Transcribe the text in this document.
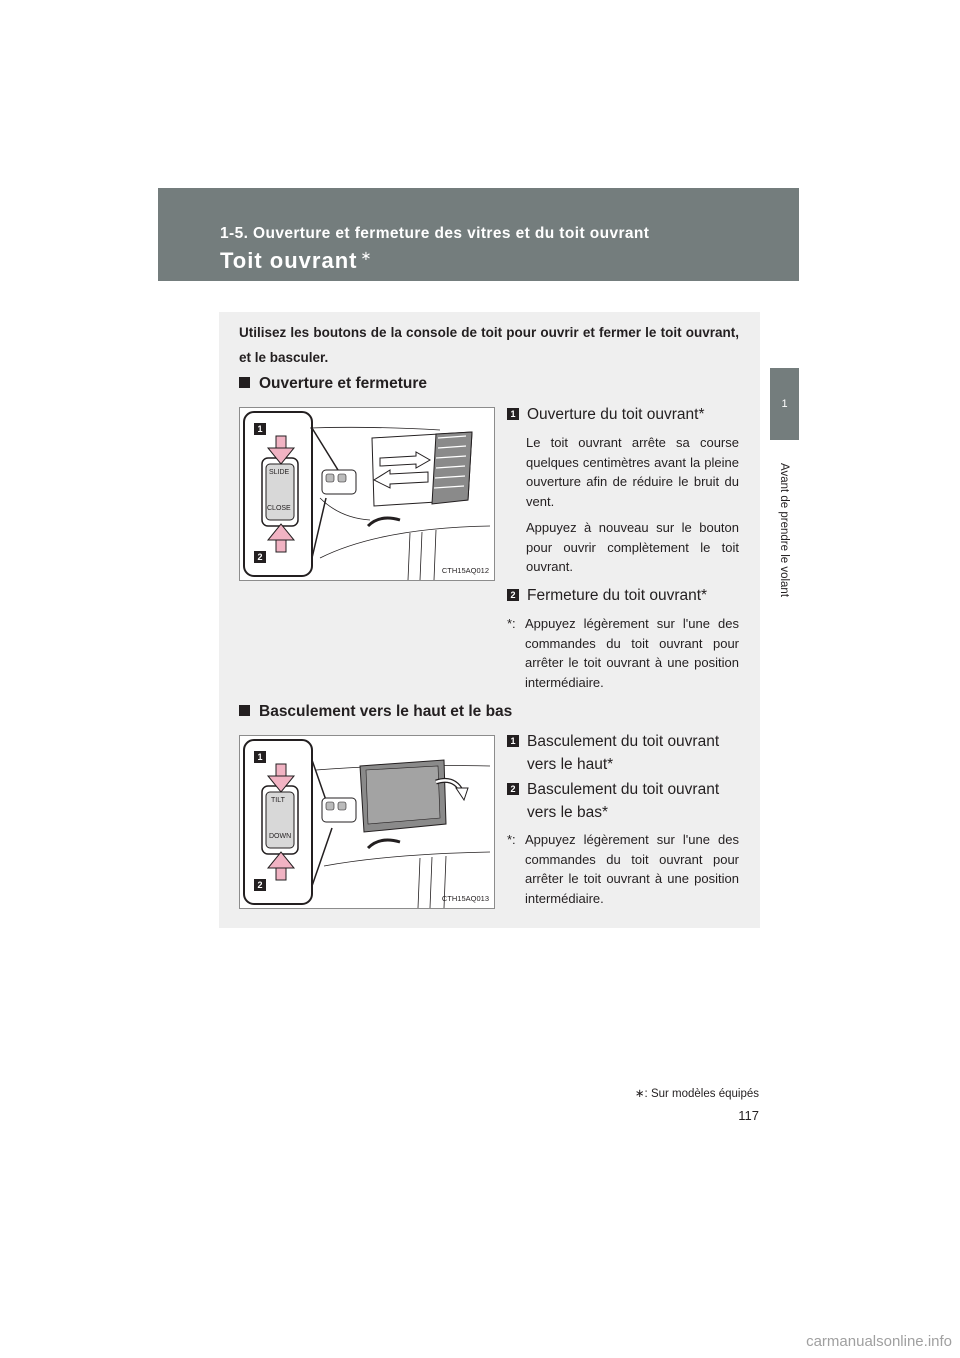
1-5. Ouverture et fermeture des vitres et du toit ouvrant
Toit ouvrant ∗
1
Avant de prendre le volant
Utilisez les boutons de la console de toit pour ouvrir et fermer le toit ouvrant, et le basculer.
Ouverture et fermeture
SLIDE
CLOSE
1
2
CTH15AQ012
1 Ouverture du toit ouvrant*
Le toit ouvrant arrête sa course quelques centimètres avant la pleine ouverture afin de réduire le bruit du vent.
Appuyez à nouveau sur le bouton pour ouvrir complètement le toit ouvrant.
2 Fermeture du toit ouvrant*
*: Appuyez légèrement sur l'une des commandes du toit ouvrant pour arrêter le toit ouvrant à une position intermédiaire.
Basculement vers le haut et le bas
TILT
DOWN
1
2
CTH15AQ013
1 Basculement du toit ouvrant
vers le haut*
2 Basculement du toit ouvrant
vers le bas*
*: Appuyez légèrement sur l'une des commandes du toit ouvrant pour arrêter le toit ouvrant à une position intermédiaire.
∗: Sur modèles équipés
117
carmanualsonline.info
